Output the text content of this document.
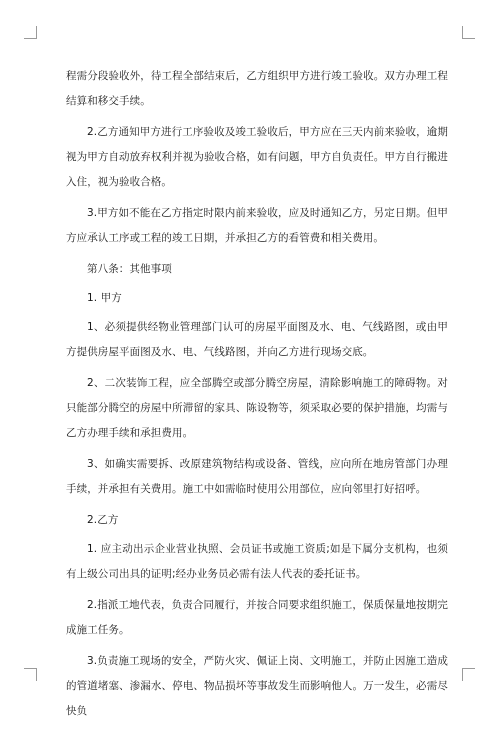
程需分段验收外，待工程全部结束后，乙方组织甲方进行竣工验收。双方办理工程结算和移交手续。

2.乙方通知甲方进行工序验收及竣工验收后，甲方应在三天内前来验收，逾期视为甲方自动放弃权利并视为验收合格，如有问题，甲方自负责任。甲方自行搬进入住，视为验收合格。

3.甲方如不能在乙方指定时限内前来验收，应及时通知乙方，另定日期。但甲方应承认工序或工程的竣工日期，并承担乙方的看管费和相关费用。

第八条：其他事项

1. 甲方

1、必须提供经物业管理部门认可的房屋平面图及水、电、气线路图，或由甲方提供房屋平面图及水、电、气线路图，并向乙方进行现场交底。

2、二次装饰工程，应全部腾空或部分腾空房屋，清除影响施工的障碍物。对只能部分腾空的房屋中所滞留的家具、陈设物等，须采取必要的保护措施，均需与乙方办理手续和承担费用。

3、如确实需要拆、改原建筑物结构或设备、管线，应向所在地房管部门办理手续，并承担有关费用。施工中如需临时使用公用部位，应向邻里打好招呼。

2.乙方

1. 应主动出示企业营业执照、会员证书或施工资质;如是下属分支机构，也须有上级公司出具的证明;经办业务员必需有法人代表的委托证书。

2.指派工地代表，负责合同履行，并按合同要求组织施工，保质保量地按期完成施工任务。

3.负责施工现场的安全，严防火灾、佩证上岗、文明施工，并防止因施工造成的管道堵塞、渗漏水、停电、物品损坏等事故发生而影响他人。万一发生，必需尽快负
